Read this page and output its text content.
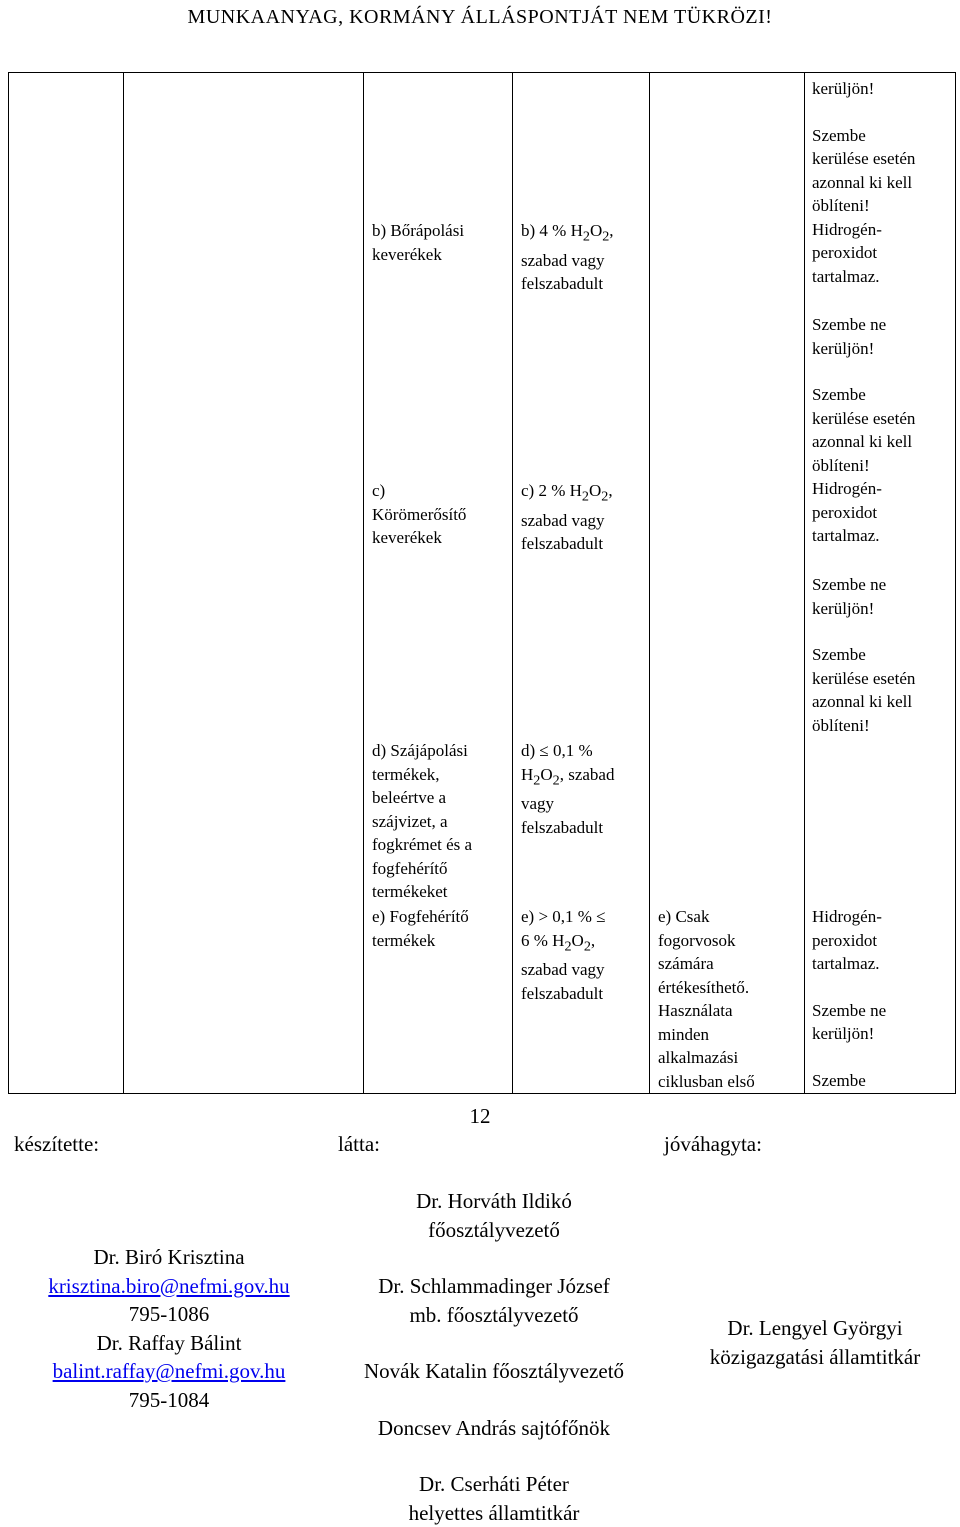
MUNKAANYAG, KORMÁNY ÁLLÁSPONTJÁT NEM TÜKRÖZI!
kerüljön!
Szembe
kerülése esetén
azonnal ki kell
öblíteni!
Hidrogén-
peroxidot
tartalmaz.
b) Bőrápolási
keverékek
b) 4 % $H_2O_2$,
szabad vagy
felszabadult
Szembe ne
kerüljön!
Szembe
kerülése esetén
azonnal ki kell
öblíteni!
Hidrogén-
peroxidot
tartalmaz.
c)
Körömerősítő
keverékek
c) 2 % $H_2O_2$,
szabad vagy
felszabadult
Szembe ne
kerüljön!
Szembe
kerülése esetén
azonnal ki kell
öblíteni!
d) Szájápolási
termékek,
beleértve a
szájvizet, a
fogkrémet és a
fogfehérítő
termékeket
d) ≤ 0,1 %
$H_2O_2$, szabad
vagy
felszabadult
e) Fogfehérítő
termékek
e) > 0,1 % ≤
6 % $H_2O_2$,
szabad vagy
felszabadult
e) Csak
fogorvosok
számára
értékesíthető.
Használata
minden
alkalmazási
ciklusban első
Hidrogén-
peroxidot
tartalmaz.
Szembe ne
kerüljön!
Szembe
12
készítette:	látta:	jóváhagyta:
Dr. Biró Krisztina
krisztina.biro@nefmi.gov.hu
795-1086
Dr. Raffay Bálint
balint.raffay@nefmi.gov.hu
795-1084
Dr. Horváth Ildikó
főosztályvezető
Dr. Schlammadinger József
mb. főosztályvezető
Novák Katalin főosztályvezető
Doncsev András sajtófőnök
Dr. Cserháti Péter
helyettes államtitkár
Dr. Lengyel Györgyi
közigazgatási államtitkár
